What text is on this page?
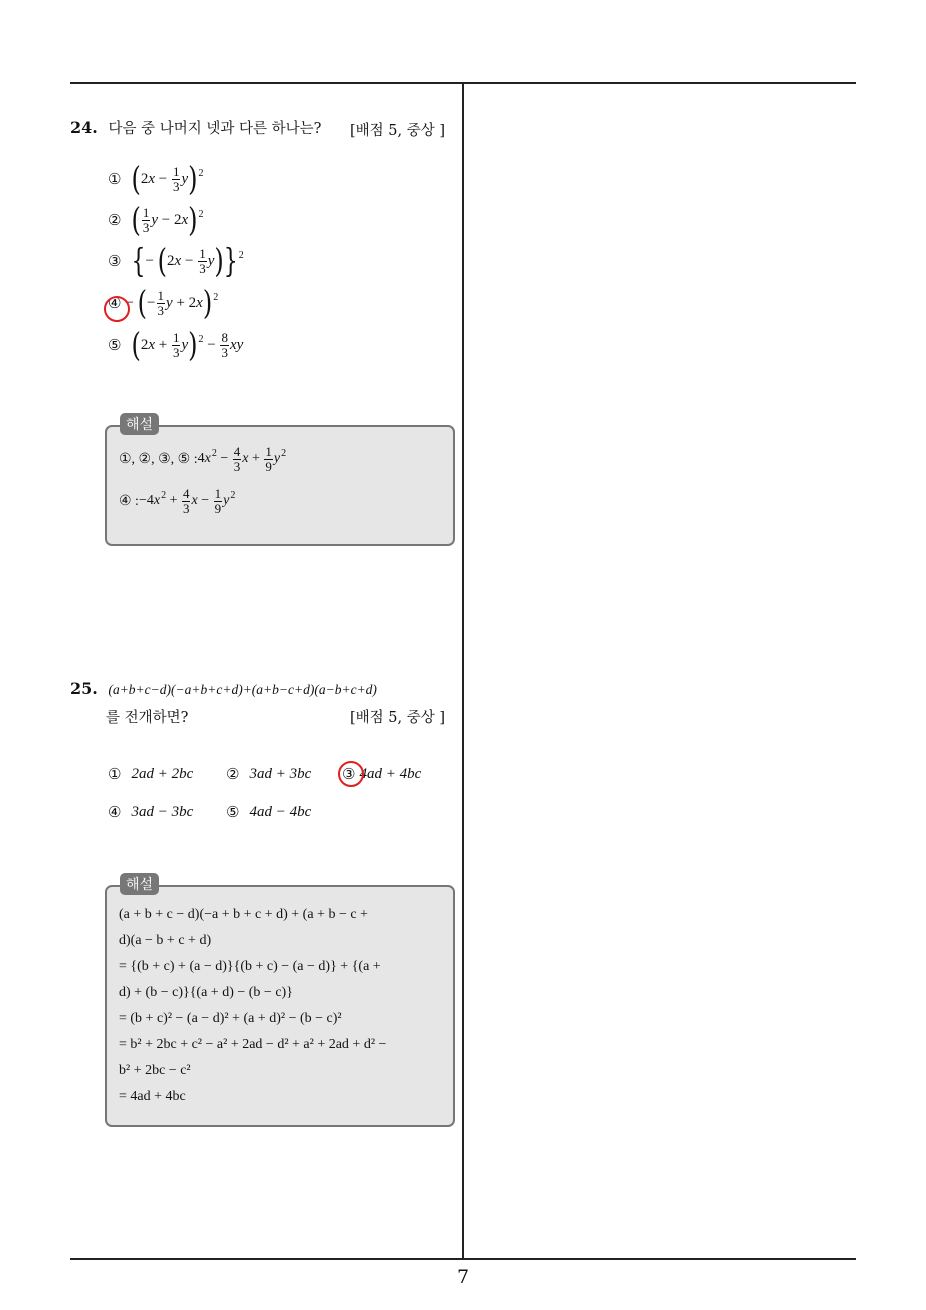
7
24. 다음 중 나머지 넷과 다른 하나는? [배점 5, 중상 ]
① ( 2 $x - \frac{1}{3}$ y )$^2$
② ( $\frac{1}{3}$ y − 2 x )$^2$
③ { − ( 2 $x - \frac{1}{3}$ y ) }$^2$
④ − ( − $\frac{1}{3}$ y + 2 x )$^2$
⑤ ( 2 $x + \frac{1}{3}$ y )$^2 - \frac{8}{3}$ xy
①, ②, ③, ⑤ : 4 $x^2 - \frac{4}{3}$ $x + \frac{1}{9} y^2$
④ : −4 $x^2 + \frac{4}{3}$ $x - \frac{1}{9} y^2$
해설
25. (a+b+c−d)(−a+b+c+d)+(a+b−c+d)(a−b+c+d)
를 전개하면?	[배점 5, 중상 ]
① 2ad + 2bc ② 3ad + 3bc ③ 4ad + 4bc
④ 3ad − 3bc ⑤ 4ad − 4bc
(a + b + c − d)(−a + b + c + d) + (a + b − c +
d)(a − b + c + d)
= {(b + c) + (a − d)}{(b + c) − (a − d)} + {(a +
d) + (b − c)}{(a + d) − (b − c)}
= (b + c)² − (a − d)² + (a + d)² − (b − c)²
= b² + 2bc + c² − a² + 2ad − d² + a² + 2ad + d² −
b² + 2bc − c²
= 4ad + 4bc
해설
